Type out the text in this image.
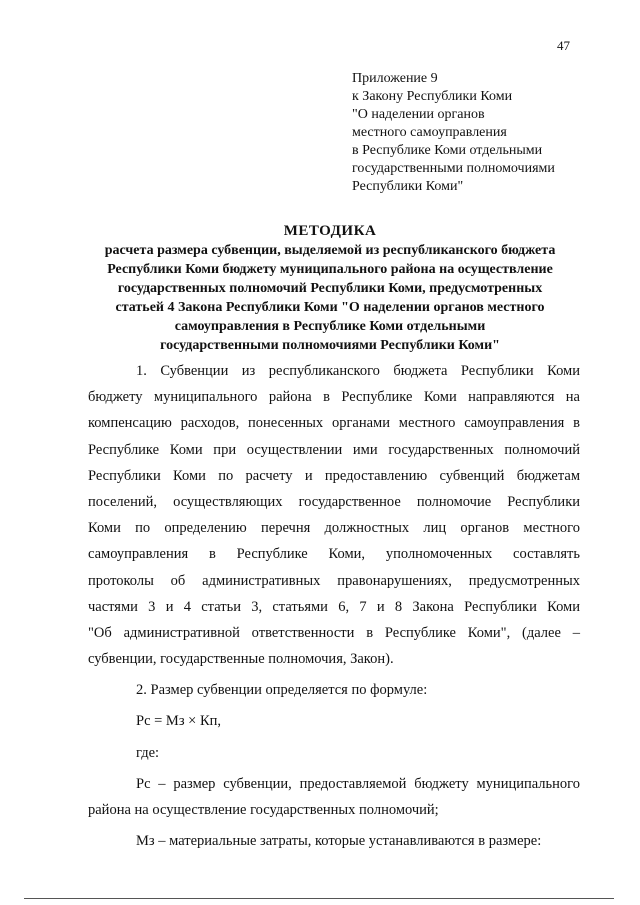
47
Приложение 9
к Закону Республики Коми
"О наделении органов
местного самоуправления
в Республике Коми отдельными
государственными полномочиями
Республики Коми"
МЕТОДИКА
расчета размера субвенции, выделяемой из республиканского бюджета
Республики Коми бюджету муниципального района на осуществление
государственных полномочий Республики Коми, предусмотренных
статьей 4 Закона Республики Коми "О наделении органов местного
самоуправления в Республике Коми отдельными
государственными полномочиями Республики Коми"
1. Субвенции из республиканского бюджета Республики Коми
бюджету муниципального района в Республике Коми направляются на
компенсацию расходов, понесенных органами местного самоуправления в
Республике Коми при осуществлении ими государственных полномочий
Республики Коми по расчету и предоставлению субвенций бюджетам
поселений, осуществляющих государственное полномочие Республики
Коми по определению перечня должностных лиц органов местного
самоуправления в Республике Коми, уполномоченных составлять
протоколы об административных правонарушениях, предусмотренных
частями 3 и 4 статьи 3, статьями 6, 7 и 8 Закона Республики Коми
"Об административной ответственности в Республике Коми", (далее –
субвенции, государственные полномочия, Закон).
2. Размер субвенции определяется по формуле:
Рс = Мз × Кп,
где:
Рс – размер субвенции, предоставляемой бюджету муниципального
района на осуществление государственных полномочий;
Мз – материальные затраты, которые устанавливаются в размере:
